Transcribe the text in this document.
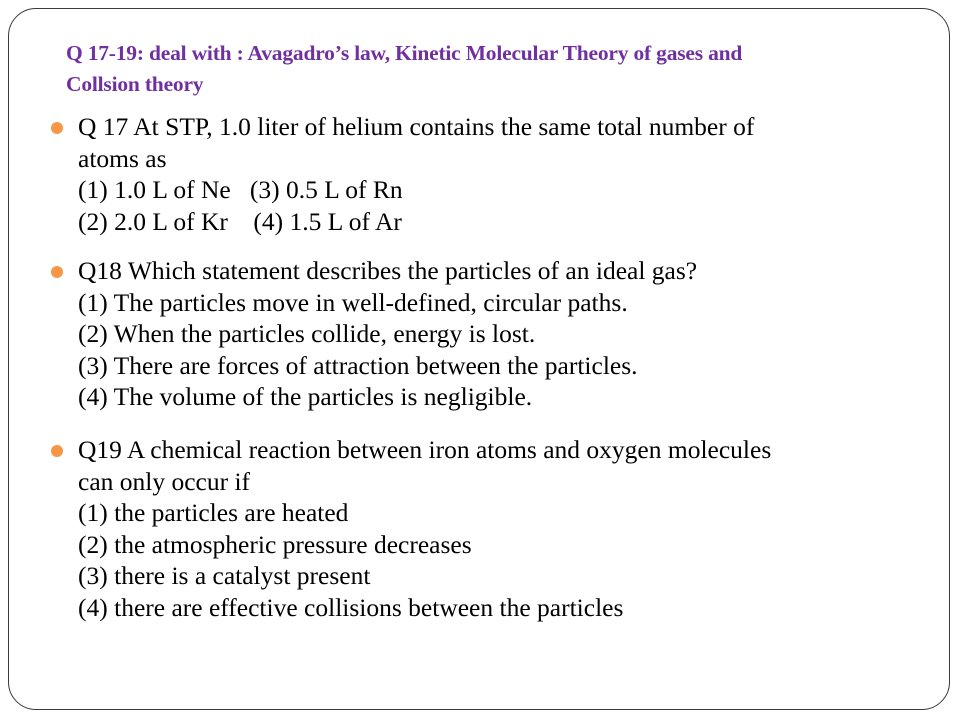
Q 17-19: deal with : Avagadro’s law, Kinetic Molecular Theory of gases and
Collsion theory
Q 17 At STP, 1.0 liter of helium contains the same total number of
atoms as
(1) 1.0 L of Ne   (3) 0.5 L of Rn
(2) 2.0 L of Kr    (4) 1.5 L of Ar
Q18 Which statement describes the particles of an ideal gas?
(1) The particles move in well-defined, circular paths.
(2) When the particles collide, energy is lost.
(3) There are forces of attraction between the particles.
(4) The volume of the particles is negligible.
Q19 A chemical reaction between iron atoms and oxygen molecules
can only occur if
(1) the particles are heated
(2) the atmospheric pressure decreases
(3) there is a catalyst present
(4) there are effective collisions between the particles
